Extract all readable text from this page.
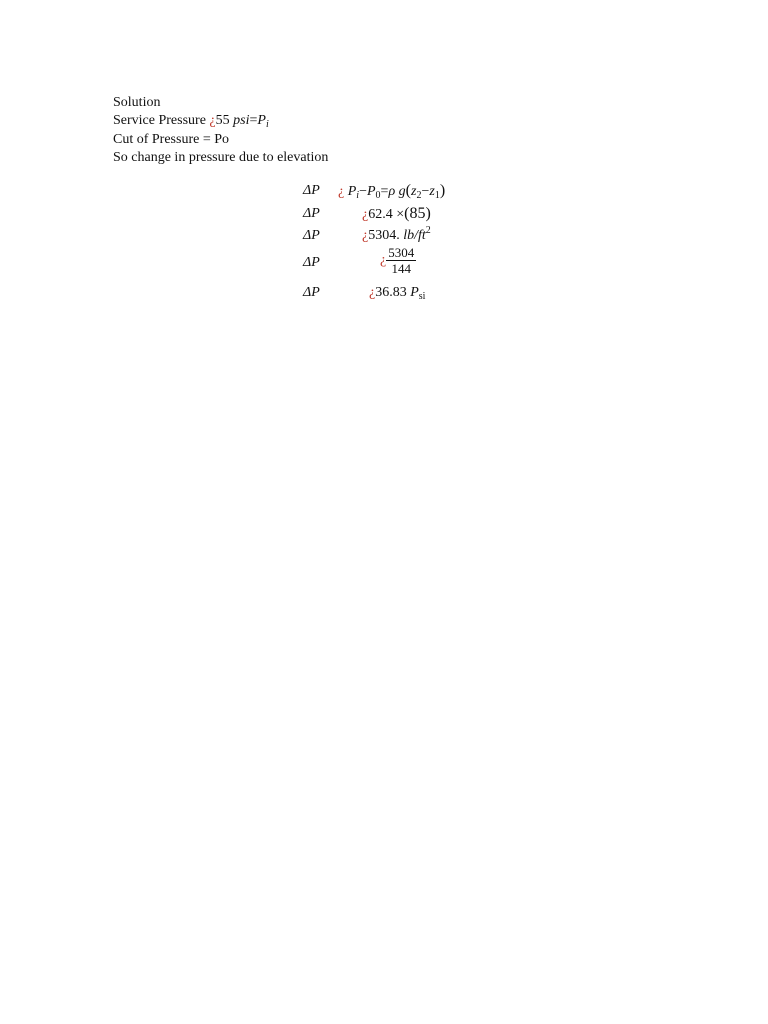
Solution
Service Pressure ¿55 $psi=P_i$
Cut of Pressure = Po
So change in pressure due to elevation
ΔP ¿ $P_i-P_0=\rho$ $g(z_2-z_1)$
ΔP	¿62.4 ×(85)
ΔP	¿5304. $lb/ft^2$
ΔP	¿ $\frac{5304}{144}$
ΔP	¿36.83 $P_{si}$
